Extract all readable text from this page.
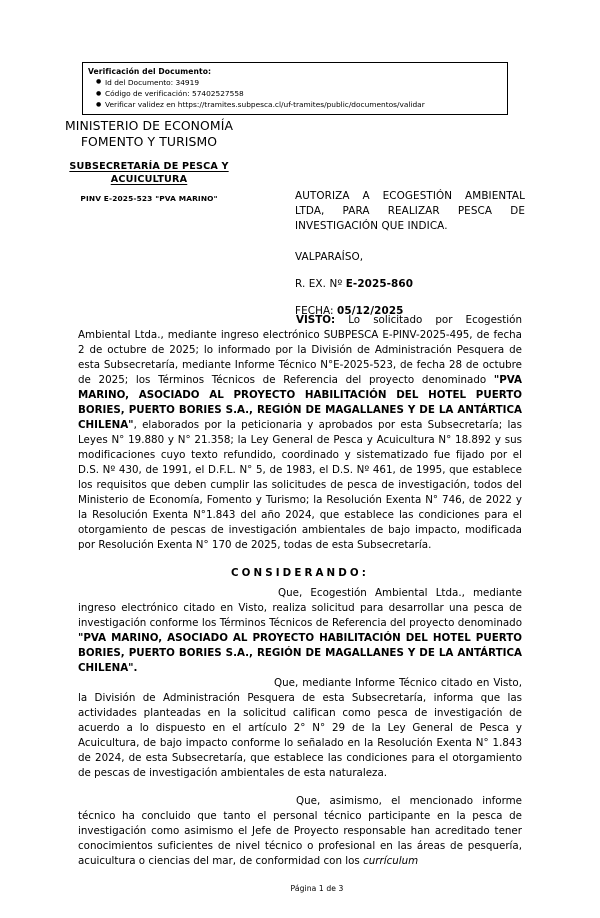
Verificación del Documento:
● Id del Documento: 34919
● Código de verificación: 57402527558
● Verificar validez en https://tramites.subpesca.cl/uf-tramites/public/documentos/validar
MINISTERIO DE ECONOMÍA
FOMENTO Y TURISMO
SUBSECRETARÍA DE PESCA Y
ACUICULTURA
PINV E-2025-523 "PVA MARINO"	AUTORIZA A ECOGESTIÓN AMBIENTAL LTDA, PARA REALIZAR PESCA DE INVESTIGACIÓN QUE INDICA.
VALPARAÍSO,
R. EX. Nº E-2025-860
FECHA: 05/12/2025

VISTO: Lo solicitado por Ecogestión Ambiental Ltda., mediante ingreso electrónico SUBPESCA E-PINV-2025-495, de fecha 2 de octubre de 2025; lo informado por la División de Administración Pesquera de esta Subsecretaría, mediante Informe Técnico N°E-2025-523, de fecha 28 de octubre de 2025; los Términos Técnicos de Referencia del proyecto denominado "PVA MARINO, ASOCIADO AL PROYECTO HABILITACIÓN DEL HOTEL PUERTO BORIES, PUERTO BORIES S.A., REGIÓN DE MAGALLANES Y DE LA ANTÁRTICA CHILENA", elaborados por la peticionaria y aprobados por esta Subsecretaría; las Leyes N° 19.880 y N° 21.358; la Ley General de Pesca y Acuicultura N° 18.892 y sus modificaciones cuyo texto refundido, coordinado y sistematizado fue fijado por el D.S. Nº 430, de 1991, el D.F.L. N° 5, de 1983, el D.S. Nº 461, de 1995, que establece los requisitos que deben cumplir las solicitudes de pesca de investigación, todos del Ministerio de Economía, Fomento y Turismo; la Resolución Exenta N° 746, de 2022 y la Resolución Exenta N°1.843 del año 2024, que establece las condiciones para el otorgamiento de pescas de investigación ambientales de bajo impacto, modificada por Resolución Exenta N° 170 de 2025, todas de esta Subsecretaría.

CONSIDERANDO:

Que, Ecogestión Ambiental Ltda., mediante ingreso electrónico citado en Visto, realiza solicitud para desarrollar una pesca de investigación conforme los Términos Técnicos de Referencia del proyecto denominado "PVA MARINO, ASOCIADO AL PROYECTO HABILITACIÓN DEL HOTEL PUERTO BORIES, PUERTO BORIES S.A., REGIÓN DE MAGALLANES Y DE LA ANTÁRTICA CHILENA".

Que, mediante Informe Técnico citado en Visto, la División de Administración Pesquera de esta Subsecretaría, informa que las actividades planteadas en la solicitud califican como pesca de investigación de acuerdo a lo dispuesto en el artículo 2° N° 29 de la Ley General de Pesca y Acuicultura, de bajo impacto conforme lo señalado en la Resolución Exenta N° 1.843 de 2024, de esta Subsecretaría, que establece las condiciones para el otorgamiento de pescas de investigación ambientales de esta naturaleza.

Que, asimismo, el mencionado informe técnico ha concluido que tanto el personal técnico participante en la pesca de investigación como asimismo el Jefe de Proyecto responsable han acreditado tener conocimientos suficientes de nivel técnico o profesional en las áreas de pesquería, acuicultura o ciencias del mar, de conformidad con los currículum

Página 1 de 3
